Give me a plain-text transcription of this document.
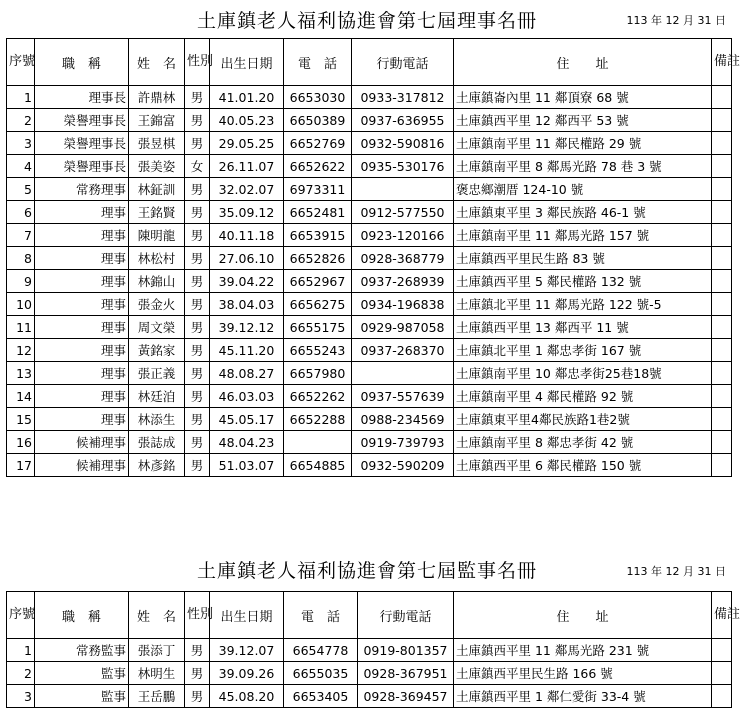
土庫鎮老人福利協進會第七屆理事名冊	113 年 12 月 31 日
序號	職　稱	姓　名	性別	出生日期	電　話	行動電話	住　　址	備註
1	理事長	許鼎林	男	41.01.20	6653030	0933-317812	土庫鎮崙內里 11 鄰頂寮 68 號	
2	榮譽理事長	王錦富	男	40.05.23	6650389	0937-636955	土庫鎮西平里 12 鄰西平 53 號	
3	榮譽理事長	張昱棋	男	29.05.25	6652769	0932-590816	土庫鎮南平里 11 鄰民權路 29 號	
4	榮譽理事長	張美姿	女	26.11.07	6652622	0935-530176	土庫鎮南平里 8 鄰馬光路 78 巷 3 號	
5	常務理事	林鉦訓	男	32.02.07	6973311		褒忠鄉潮厝 124-10 號	
6	理事	王銘賢	男	35.09.12	6652481	0912-577550	土庫鎮東平里 3 鄰民族路 46-1 號	
7	理事	陳明龍	男	40.11.18	6653915	0923-120166	土庫鎮南平里 11 鄰馬光路 157 號	
8	理事	林松村	男	27.06.10	6652826	0928-368779	土庫鎮西平里民生路 83 號	
9	理事	林錦山	男	39.04.22	6652967	0937-268939	土庫鎮西平里 5 鄰民權路 132 號	
10	理事	張金火	男	38.04.03	6656275	0934-196838	土庫鎮北平里 11 鄰馬光路 122 號-5	
11	理事	周文榮	男	39.12.12	6655175	0929-987058	土庫鎮西平里 13 鄰西平 11 號	
12	理事	黃銘家	男	45.11.20	6655243	0937-268370	土庫鎮北平里 1 鄰忠孝街 167 號	
13	理事	張正義	男	48.08.27	6657980		土庫鎮南平里 10 鄰忠孝街25巷18號	
14	理事	林廷洎	男	46.03.03	6652262	0937-557639	土庫鎮南平里 4 鄰民權路 92 號	
15	理事	林添生	男	45.05.17	6652288	0988-234569	土庫鎮東平里4鄰民族路1巷2號	
16	候補理事	張誌成	男	48.04.23		0919-739793	土庫鎮南平里 8 鄰忠孝街 42 號	
17	候補理事	林彥銘	男	51.03.07	6654885	0932-590209	土庫鎮西平里 6 鄰民權路 150 號	
土庫鎮老人福利協進會第七屆監事名冊	113 年 12 月 31 日
序號	職　稱	姓　名	性別	出生日期	電　話	行動電話	住　　址	備註
1	常務監事	張添丁	男	39.12.07	6654778	0919-801357	土庫鎮西平里 11 鄰馬光路 231 號	
2	監事	林明生	男	39.09.26	6655035	0928-367951	土庫鎮西平里民生路 166 號	
3	監事	王岳鵬	男	45.08.20	6653405	0928-369457	土庫鎮西平里 1 鄰仁愛街 33-4 號	
